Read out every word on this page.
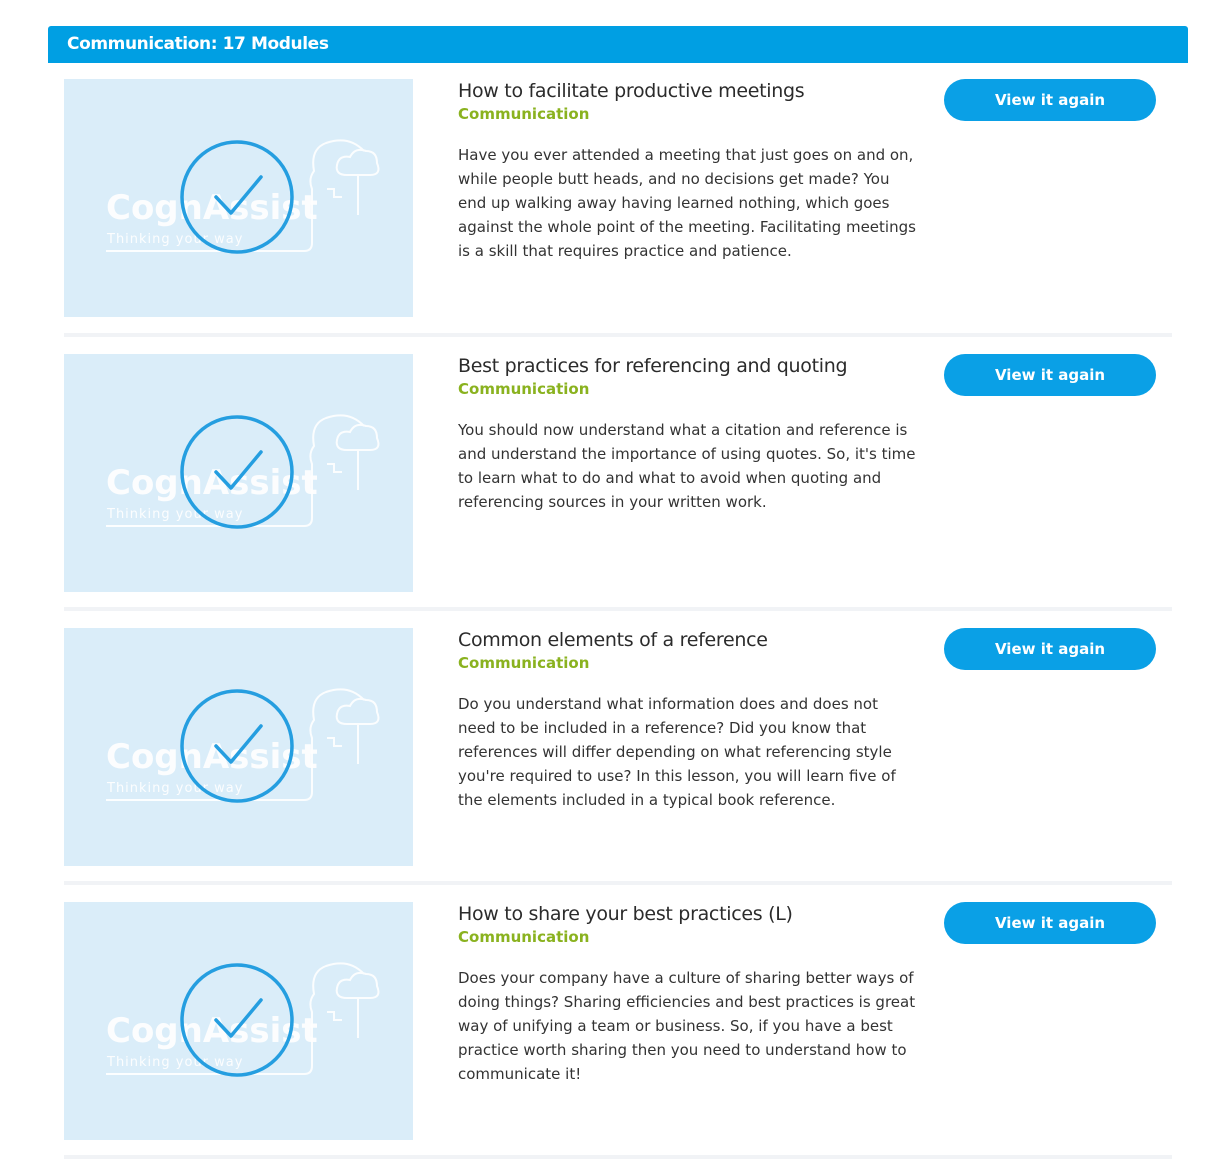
Communication: 17 Modules
CognAssist
Thinking your way
How to facilitate productive meetings
Communication
Have you ever attended a meeting that just goes on and on, while people butt heads, and no decisions get made? You end up walking away having learned nothing, which goes against the whole point of the meeting. Facilitating meetings is a skill that requires practice and patience.
View it again
CognAssist
Thinking your way
Best practices for referencing and quoting
Communication
You should now understand what a citation and reference is and understand the importance of using quotes. So, it's time to learn what to do and what to avoid when quoting and referencing sources in your written work.
View it again
CognAssist
Thinking your way
Common elements of a reference
Communication
Do you understand what information does and does not need to be included in a reference? Did you know that references will differ depending on what referencing style you're required to use? In this lesson, you will learn five of the elements included in a typical book reference.
View it again
CognAssist
Thinking your way
How to share your best practices (L)
Communication
Does your company have a culture of sharing better ways of doing things? Sharing efficiencies and best practices is great way of unifying a team or business. So, if you have a best practice worth sharing then you need to understand how to communicate it!
View it again
